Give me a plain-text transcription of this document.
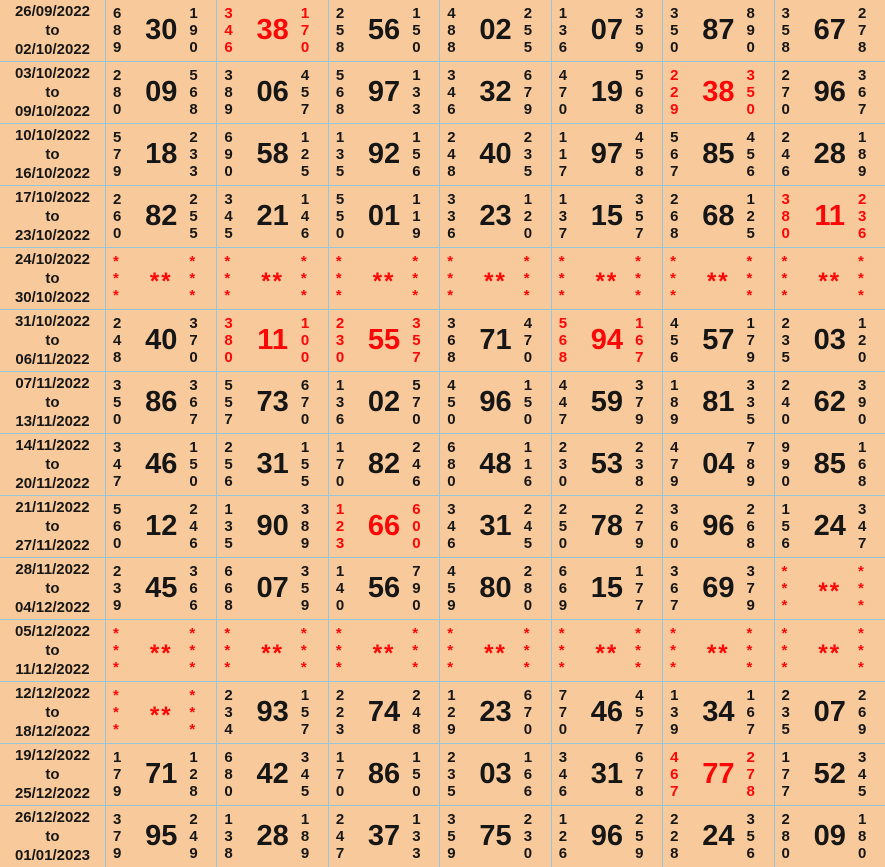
26/09/2022
to
02/10/2022
6
8
9
30
1
9
0
3
4
6
38
1
7
0
2
5
8
56
1
5
0
4
8
8
02
2
5
5
1
3
6
07
3
5
9
3
5
0
87
8
9
0
3
5
8
67
2
7
8
03/10/2022
to
09/10/2022
2
8
0
09
5
6
8
3
8
9
06
4
5
7
5
6
8
97
1
3
3
3
4
6
32
6
7
9
4
7
0
19
5
6
8
2
2
9
38
3
5
0
2
7
0
96
3
6
7
10/10/2022
to
16/10/2022
5
7
9
18
2
3
3
6
9
0
58
1
2
5
1
3
5
92
1
5
6
2
4
8
40
2
3
5
1
1
7
97
4
5
8
5
6
7
85
4
5
6
2
4
6
28
1
8
9
17/10/2022
to
23/10/2022
2
6
0
82
2
5
5
3
4
5
21
1
4
6
5
5
0
01
1
1
9
3
3
6
23
1
2
0
1
3
7
15
3
5
7
2
6
8
68
1
2
5
3
8
0
11
2
3
6
24/10/2022
to
30/10/2022
*
*
*
**
*
*
*
*
*
*
**
*
*
*
*
*
*
**
*
*
*
*
*
*
**
*
*
*
*
*
*
**
*
*
*
*
*
*
**
*
*
*
*
*
*
**
*
*
*
31/10/2022
to
06/11/2022
2
4
8
40
3
7
0
3
8
0
11
1
0
0
2
3
0
55
3
5
7
3
6
8
71
4
7
0
5
6
8
94
1
6
7
4
5
6
57
1
7
9
2
3
5
03
1
2
0
07/11/2022
to
13/11/2022
3
5
0
86
3
6
7
5
5
7
73
6
7
0
1
3
6
02
5
7
0
4
5
0
96
1
5
0
4
4
7
59
3
7
9
1
8
9
81
3
3
5
2
4
0
62
3
9
0
14/11/2022
to
20/11/2022
3
4
7
46
1
5
0
2
5
6
31
1
5
5
1
7
0
82
2
4
6
6
8
0
48
1
1
6
2
3
0
53
2
3
8
4
7
9
04
7
8
9
9
9
0
85
1
6
8
21/11/2022
to
27/11/2022
5
6
0
12
2
4
6
1
3
5
90
3
8
9
1
2
3
66
6
0
0
3
4
6
31
2
4
5
2
5
0
78
2
7
9
3
6
0
96
2
6
8
1
5
6
24
3
4
7
28/11/2022
to
04/12/2022
2
3
9
45
3
6
6
6
6
8
07
3
5
9
1
4
0
56
7
9
0
4
5
9
80
2
8
0
6
6
9
15
1
7
7
3
6
7
69
3
7
9
*
*
*
**
*
*
*
05/12/2022
to
11/12/2022
*
*
*
**
*
*
*
*
*
*
**
*
*
*
*
*
*
**
*
*
*
*
*
*
**
*
*
*
*
*
*
**
*
*
*
*
*
*
**
*
*
*
*
*
*
**
*
*
*
12/12/2022
to
18/12/2022
*
*
*
**
*
*
*
2
3
4
93
1
5
7
2
2
3
74
2
4
8
1
2
9
23
6
7
0
7
7
0
46
4
5
7
1
3
9
34
1
6
7
2
3
5
07
2
6
9
19/12/2022
to
25/12/2022
1
7
9
71
1
2
8
6
8
0
42
3
4
5
1
7
0
86
1
5
0
2
3
5
03
1
6
6
3
4
6
31
6
7
8
4
6
7
77
2
7
8
1
7
7
52
3
4
5
26/12/2022
to
01/01/2023
3
7
9
95
2
4
9
1
3
8
28
1
8
9
2
4
7
37
1
3
3
3
5
9
75
2
3
0
1
2
6
96
2
5
9
2
2
8
24
3
5
6
2
8
0
09
1
8
0
